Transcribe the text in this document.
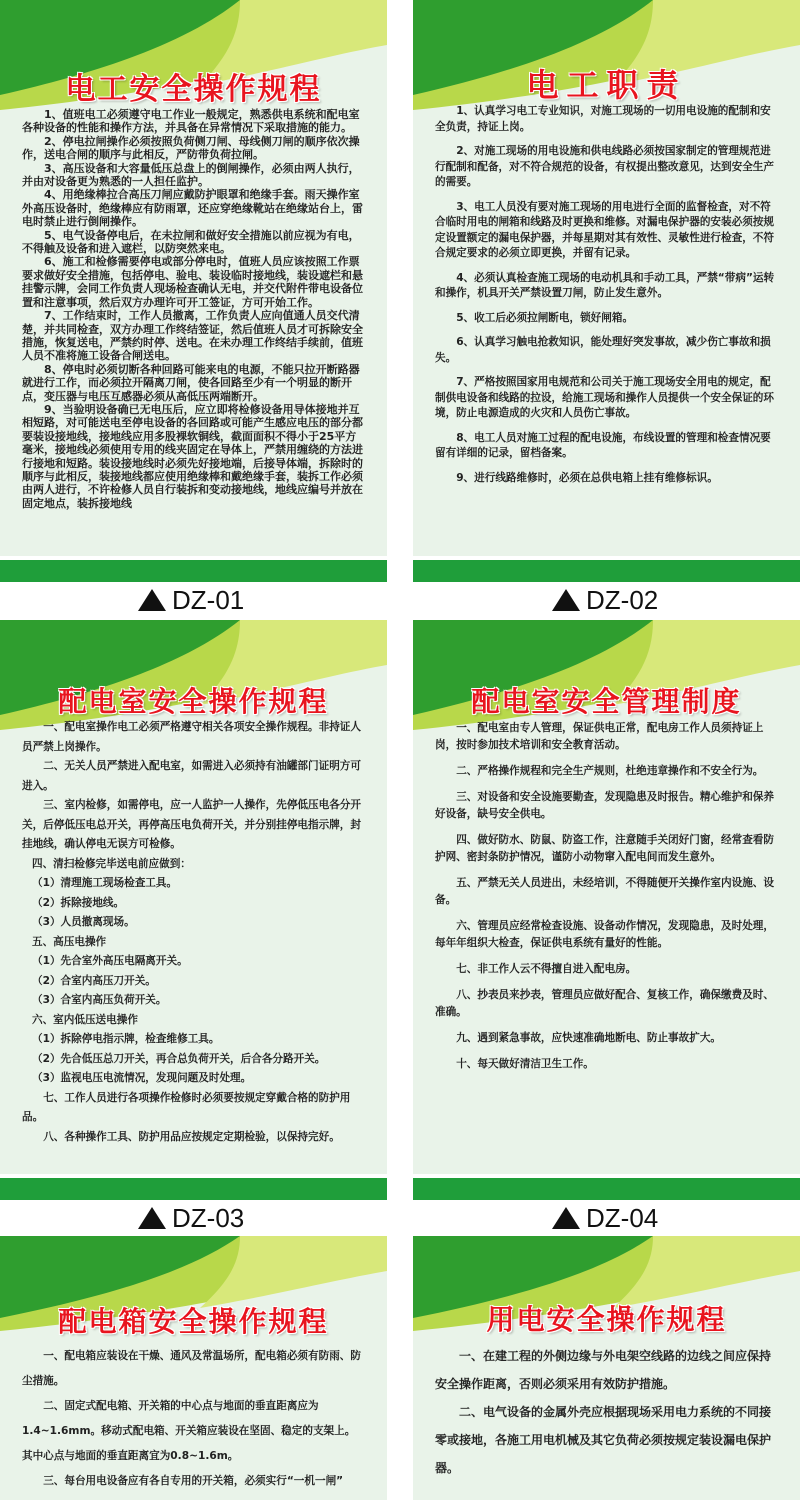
电工安全操作规程

1、值班电工必须遵守电工作业一般规定，熟悉供电系统和配电室各种设备的性能和操作方法，并具备在异常情况下采取措施的能力。

2、停电拉闸操作必须按照负荷侧刀闸、母线侧刀闸的顺序依次操作，送电合闸的顺序与此相反，严防带负荷拉闸。

3、高压设备和大容量低压总盘上的倒闸操作，必须由两人执行，并由对设备更为熟悉的一人担任监护。

4、用绝缘棒拉合高压刀闸应戴防护眼罩和绝缘手套。雨天操作室外高压设备时，绝缘棒应有防雨罩，还应穿绝缘靴站在绝缘站台上，雷电时禁止进行倒闸操作。

5、电气设备停电后，在未拉闸和做好安全措施以前应视为有电，不得触及设备和进入遮栏，以防突然来电。

6、施工和检修需要停电或部分停电时，值班人员应该按照工作票要求做好安全措施，包括停电、验电、装设临时接地线，装设遮栏和悬挂警示牌，会同工作负责人现场检查确认无电，并交代附件带电设备位置和注意事项，然后双方办理许可开工签证，方可开始工作。

7、工作结束时，工作人员撤离，工作负责人应向值通人员交代清楚，并共同检查，双方办理工作终结签证，然后值班人员才可拆除安全措施，恢复送电，严禁约时停、送电。在未办理工作终结手续前，值班人员不准将施工设备合闸送电。

8、停电时必须切断各种回路可能来电的电源，不能只拉开断路器就进行工作，而必须拉开隔离刀闸，使各回路至少有一个明显的断开点，变压器与电压互感器必须从高低压两端断开。

9、当验明设备确已无电压后，应立即将检修设备用导体接地并互相短路，对可能送电至停电设备的各回路或可能产生感应电压的部分都要装设接地线，接地线应用多股裸软铜线，截面面积不得小于25平方毫米，接地线必须使用专用的线夹固定在导体上，严禁用缠绕的方法进行接地和短路。装设接地线时必须先好接地端，后接导体端，拆除时的顺序与此相反，装接地线都应使用绝缘棒和戴绝缘手套，装拆工作必须由两人进行，不许检修人员自行装拆和变动接地线，地线应编号并放在固定地点，装拆接地线

电工职责

1、认真学习电工专业知识，对施工现场的一切用电设施的配制和安全负责，持证上岗。

2、对施工现场的用电设施和供电线路必须按国家制定的管理规范进行配制和配备，对不符合规范的设备，有权提出整改意见，达到安全生产的需要。

3、电工人员没有要对施工现场的用电进行全面的监督检查，对不符合临时用电的闸箱和线路及时更换和维修。对漏电保护器的安装必须按规定设置额定的漏电保护器，并每星期对其有效性、灵敏性进行检查，不符合规定要求的必须立即更换，并留有记录。

4、必须认真检查施工现场的电动机具和手动工具，严禁“带病”运转和操作，机具开关严禁设置刀闸，防止发生意外。

5、收工后必须拉闸断电，锁好闸箱。

6、认真学习触电抢救知识，能处理好突发事故，减少伤亡事故和损失。

7、严格按照国家用电规范和公司关于施工现场安全用电的规定，配制供电设备和线路的拉设，给施工现场和操作人员提供一个安全保证的环境，防止电源造成的火灾和人员伤亡事故。

8、电工人员对施工过程的配电设施，布线设置的管理和检查情况要留有详细的记录，留档备案。

9、进行线路维修时，必须在总供电箱上挂有维修标识。

DZ-01	DZ-02
配电室安全操作规程

一、配电室操作电工必须严格遵守相关各项安全操作规程。非持证人员严禁上岗操作。

二、无关人员严禁进入配电室，如需进入必须持有油罐部门证明方可进入。

三、室内检修，如需停电，应一人监护一人操作，先停低压电各分开关，后停低压电总开关，再停高压电负荷开关，并分别挂停电指示牌，封挂地线，确认停电无误方可检修。

四、清扫检修完毕送电前应做到：

（1）清理施工现场检查工具。

（2）拆除接地线。

（3）人员撤离现场。

五、高压电操作

（1）先合室外高压电隔离开关。

（2）合室内高压刀开关。

（3）合室内高压负荷开关。

六、室内低压送电操作

（1）拆除停电指示牌，检查维修工具。

（2）先合低压总刀开关，再合总负荷开关，后合各分路开关。

（3）监视电压电流情况，发现问题及时处理。

七、工作人员进行各项操作检修时必须要按规定穿戴合格的防护用品。

八、各种操作工具、防护用品应按规定定期检验，以保持完好。

配电室安全管理制度

一、配电室由专人管理，保证供电正常，配电房工作人员须持证上岗，按时参加技术培训和安全教育活动。

二、严格操作规程和完全生产规则，杜绝违章操作和不安全行为。

三、对设备和安全设施要勤查，发现隐患及时报告。精心维护和保养好设备，缺号安全供电。

四、做好防水、防鼠、防盗工作，注意随手关闭好门窗，经常查看防护网、密封条防护情况，谨防小动物窜入配电间而发生意外。

五、严禁无关人员进出，未经培训，不得随便开关操作室内设施、设备。

六、管理员应经常检查设施、设备动作情况，发现隐患，及时处理，每年年组织大检查，保证供电系统有量好的性能。

七、非工作人云不得擅自进入配电房。

八、抄表员来抄表，管理员应做好配合、复核工作，确保缴费及时、准确。

九、遇到紧急事故，应快速准确地断电、防止事故扩大。

十、每天做好清洁卫生工作。

DZ-03	DZ-04
配电箱安全操作规程

一、配电箱应装设在干燥、通风及常温场所，配电箱必须有防雨、防尘措施。

二、固定式配电箱、开关箱的中心点与地面的垂直距离应为1.4~1.6mm。移动式配电箱、开关箱应装设在坚固、稳定的支架上。其中心点与地面的垂直距离宜为0.8~1.6m。

三、每台用电设备应有各自专用的开关箱，必须实行“一机一闸”

用电安全操作规程

一、在建工程的外侧边缘与外电架空线路的边线之间应保持安全操作距离，否则必须采用有效防护措施。

二、电气设备的金属外壳应根据现场采用电力系统的不同接零或接地，各施工用电机械及其它负荷必须按规定装设漏电保护器。
